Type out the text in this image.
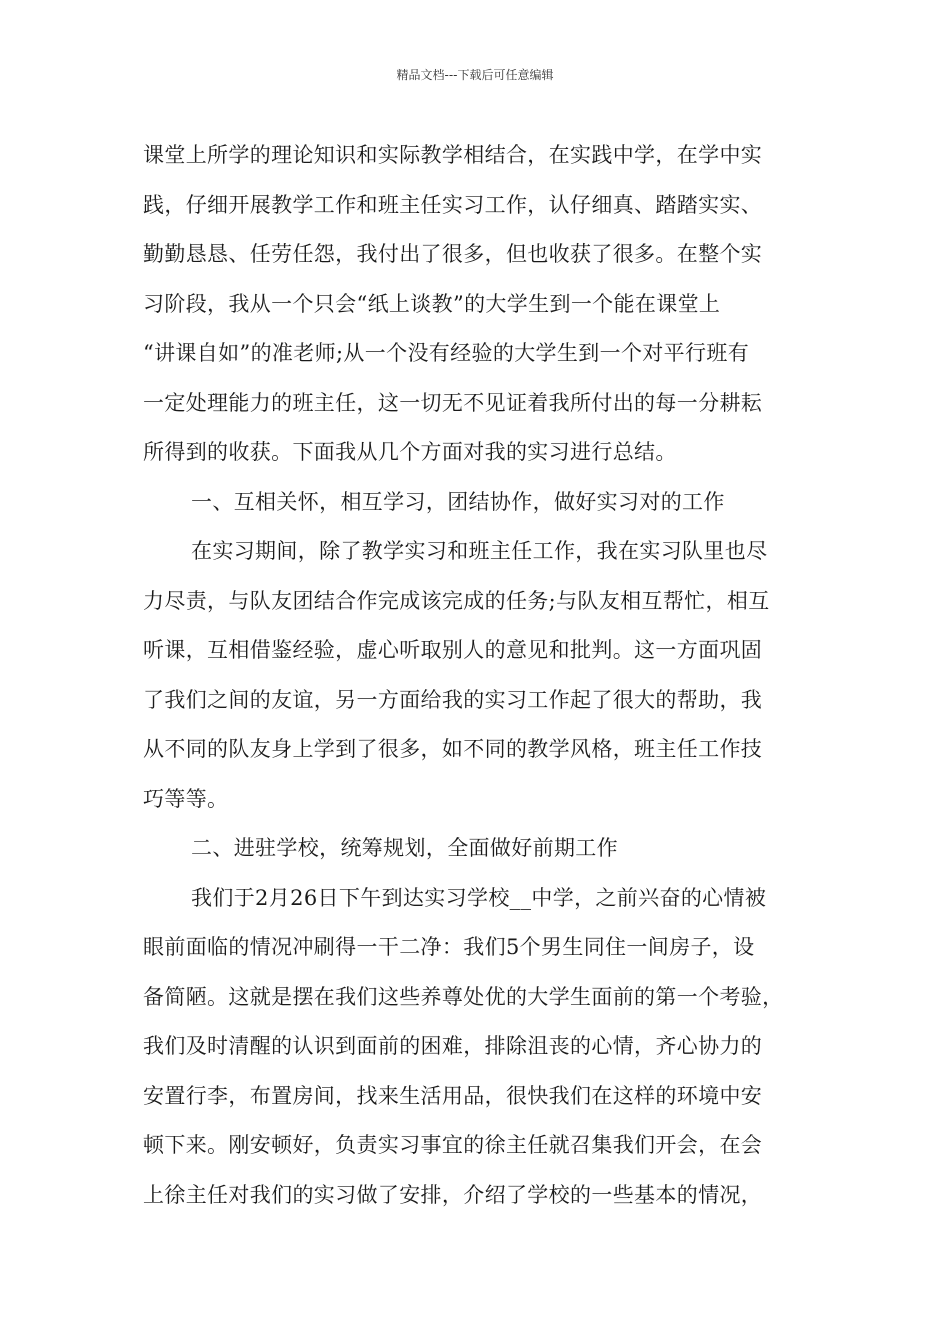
精品文档---下载后可任意编辑
课堂上所学的理论知识和实际教学相结合，在实践中学，在学中实
践，仔细开展教学工作和班主任实习工作，认仔细真、踏踏实实、
勤勤恳恳、任劳任怨，我付出了很多，但也收获了很多。在整个实
习阶段，我从一个只会“纸上谈教”的大学生到一个能在课堂上
“讲课自如”的准老师;从一个没有经验的大学生到一个对平行班有
一定处理能力的班主任，这一切无不见证着我所付出的每一分耕耘
所得到的收获。下面我从几个方面对我的实习进行总结。
一、互相关怀，相互学习，团结协作，做好实习对的工作
在实习期间，除了教学实习和班主任工作，我在实习队里也尽
力尽责，与队友团结合作完成该完成的任务;与队友相互帮忙，相互
听课，互相借鉴经验，虚心听取别人的意见和批判。这一方面巩固
了我们之间的友谊，另一方面给我的实习工作起了很大的帮助，我
从不同的队友身上学到了很多，如不同的教学风格，班主任工作技
巧等等。
二、进驻学校，统筹规划，全面做好前期工作
我们于2月26日下午到达实习学校__中学，之前兴奋的心情被
眼前面临的情况冲刷得一干二净：我们5个男生同住一间房子，设
备简陋。这就是摆在我们这些养尊处优的大学生面前的第一个考验，
我们及时清醒的认识到面前的困难，排除沮丧的心情，齐心协力的
安置行李，布置房间，找来生活用品，很快我们在这样的环境中安
顿下来。刚安顿好，负责实习事宜的徐主任就召集我们开会，在会
上徐主任对我们的实习做了安排，介绍了学校的一些基本的情况，
